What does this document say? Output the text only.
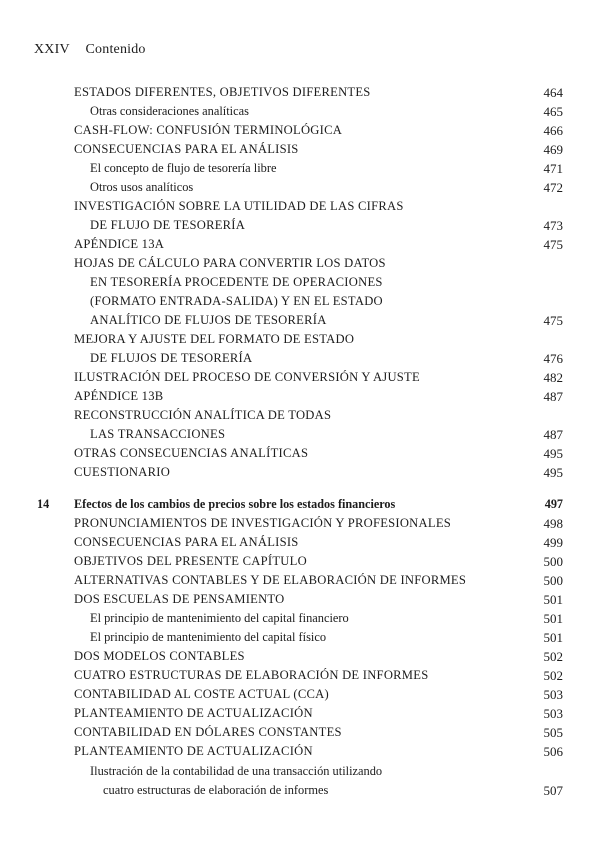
XXIV Contenido
ESTADOS DIFERENTES, OBJETIVOS DIFERENTES	464
Otras consideraciones analíticas	465
CASH-FLOW: CONFUSIÓN TERMINOLÓGICA	466
CONSECUENCIAS PARA EL ANÁLISIS	469
El concepto de flujo de tesorería libre	471
Otros usos analíticos	472
INVESTIGACIÓN SOBRE LA UTILIDAD DE LAS CIFRAS
DE FLUJO DE TESORERÍA	473
APÉNDICE 13A	475
HOJAS DE CÁLCULO PARA CONVERTIR LOS DATOS
EN TESORERÍA PROCEDENTE DE OPERACIONES
(FORMATO ENTRADA-SALIDA) Y EN EL ESTADO
ANALÍTICO DE FLUJOS DE TESORERÍA	475
MEJORA Y AJUSTE DEL FORMATO DE ESTADO
DE FLUJOS DE TESORERÍA	476
ILUSTRACIÓN DEL PROCESO DE CONVERSIÓN Y AJUSTE	482
APÉNDICE 13B	487
RECONSTRUCCIÓN ANALÍTICA DE TODAS
LAS TRANSACCIONES	487
OTRAS CONSECUENCIAS ANALÍTICAS	495
CUESTIONARIO	495
14 Efectos de los cambios de precios sobre los estados financieros	497
PRONUNCIAMIENTOS DE INVESTIGACIÓN Y PROFESIONALES	498
CONSECUENCIAS PARA EL ANÁLISIS	499
OBJETIVOS DEL PRESENTE CAPÍTULO	500
ALTERNATIVAS CONTABLES Y DE ELABORACIÓN DE INFORMES	500
DOS ESCUELAS DE PENSAMIENTO	501
El principio de mantenimiento del capital financiero	501
El principio de mantenimiento del capital físico	501
DOS MODELOS CONTABLES	502
CUATRO ESTRUCTURAS DE ELABORACIÓN DE INFORMES	502
CONTABILIDAD AL COSTE ACTUAL (CCA)	503
PLANTEAMIENTO DE ACTUALIZACIÓN	503
CONTABILIDAD EN DÓLARES CONSTANTES	505
PLANTEAMIENTO DE ACTUALIZACIÓN	506
Ilustración de la contabilidad de una transacción utilizando
cuatro estructuras de elaboración de informes	507
